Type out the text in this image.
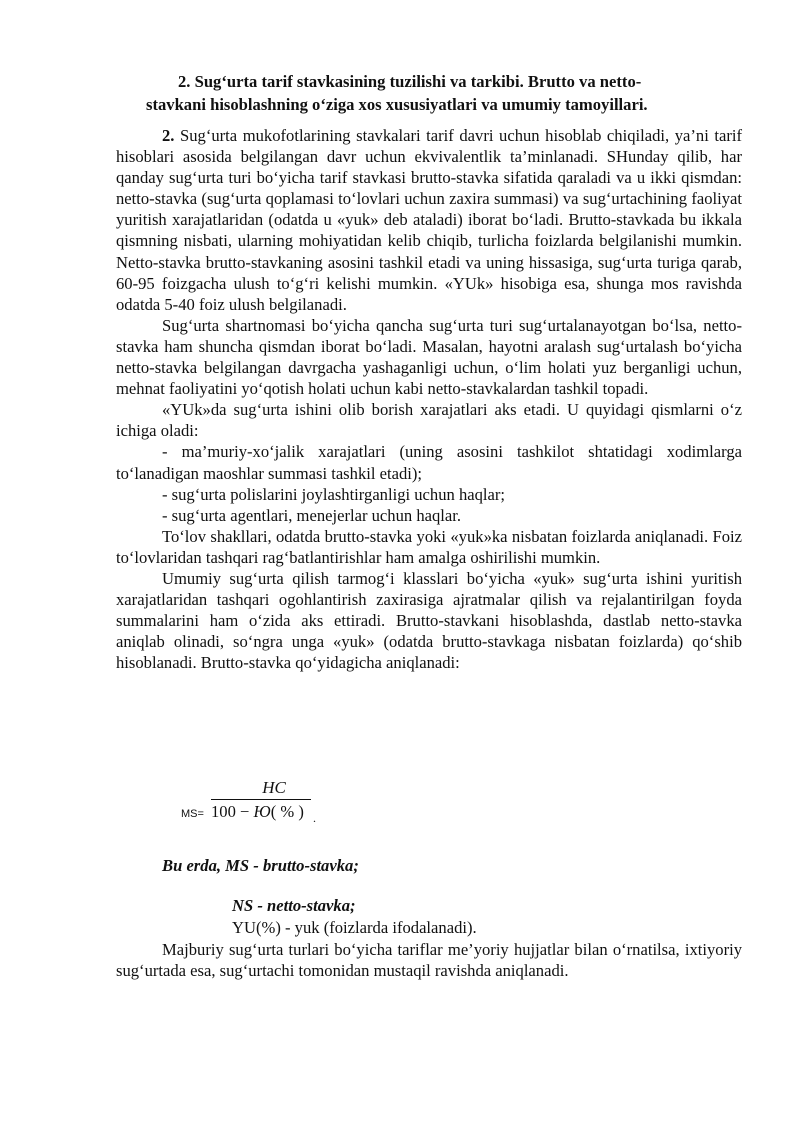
2. Sug‘urta tarif stavkasining tuzilishi va tarkibi. Brutto va netto-
stavkani hisoblashning o‘ziga xos xususiyatlari va umumiy tamoyillari.

2. Sug‘urta mukofotlarining stavkalari tarif davri uchun hisoblab chiqiladi, ya’ni tarif hisoblari asosida belgilangan davr uchun ekvivalentlik ta’minlanadi. SHunday qilib, har qanday sug‘urta turi bo‘yicha tarif stavkasi brutto-stavka sifatida qaraladi va u ikki qismdan: netto-stavka (sug‘urta qoplamasi to‘lovlari uchun zaxira summasi) va sug‘urtachining faoliyat yuritish xarajatlaridan (odatda u «yuk» deb ataladi) iborat bo‘ladi. Brutto-stavkada bu ikkala qismning nisbati, ularning mohiyatidan kelib chiqib, turlicha foizlarda belgilanishi mumkin. Netto-stavka brutto-stavkaning asosini tashkil etadi va uning hissasiga, sug‘urta turiga qarab, 60-95 foizgacha ulush to‘g‘ri kelishi mumkin. «YUk» hisobiga esa, shunga mos ravishda odatda 5-40 foiz ulush belgilanadi.

Sug‘urta shartnomasi bo‘yicha qancha sug‘urta turi sug‘urtalanayotgan bo‘lsa, netto-stavka ham shuncha qismdan iborat bo‘ladi. Masalan, hayotni aralash sug‘urtalash bo‘yicha netto-stavka belgilangan davrgacha yashaganligi uchun, o‘lim holati yuz berganligi uchun, mehnat faoliyatini yo‘qotish holati uchun kabi netto-stavkalardan tashkil topadi.

«YUk»da sug‘urta ishini olib borish xarajatlari aks etadi. U quyidagi qismlarni o‘z ichiga oladi:

- ma’muriy-xo‘jalik xarajatlari (uning asosini tashkilot shtatidagi xodimlarga to‘lanadigan maoshlar summasi tashkil etadi);

- sug‘urta polislarini joylashtirganligi uchun haqlar;

- sug‘urta agentlari, menejerlar uchun haqlar.

To‘lov shakllari, odatda brutto-stavka yoki «yuk»ka nisbatan foizlarda aniqlanadi. Foiz to‘lovlaridan tashqari rag‘batlantirishlar ham amalga oshirilishi mumkin.

Umumiy sug‘urta qilish tarmog‘i klasslari bo‘yicha «yuk» sug‘urta ishini yuritish xarajatlaridan tashqari ogohlantirish zaxirasiga ajratmalar qilish va rejalantirilgan foyda summalarini ham o‘zida aks ettiradi. Brutto-stavkani hisoblashda, dastlab netto-stavka aniqlab olinadi, so‘ngra unga «yuk» (odatda brutto-stavkaga nisbatan foizlarda) qo‘shib hisoblanadi. Brutto-stavka qo‘yidagicha aniqlanadi:

MS=
НС
100 − Ю( % ) .
Bu erda, MS - brutto-stavka;
NS - netto-stavka;
YU(%) - yuk (foizlarda ifodalanadi).

Majburiy sug‘urta turlari bo‘yicha tariflar me’yoriy hujjatlar bilan o‘rnatilsa, ixtiyoriy sug‘urtada esa, sug‘urtachi tomonidan mustaqil ravishda aniqlanadi.
